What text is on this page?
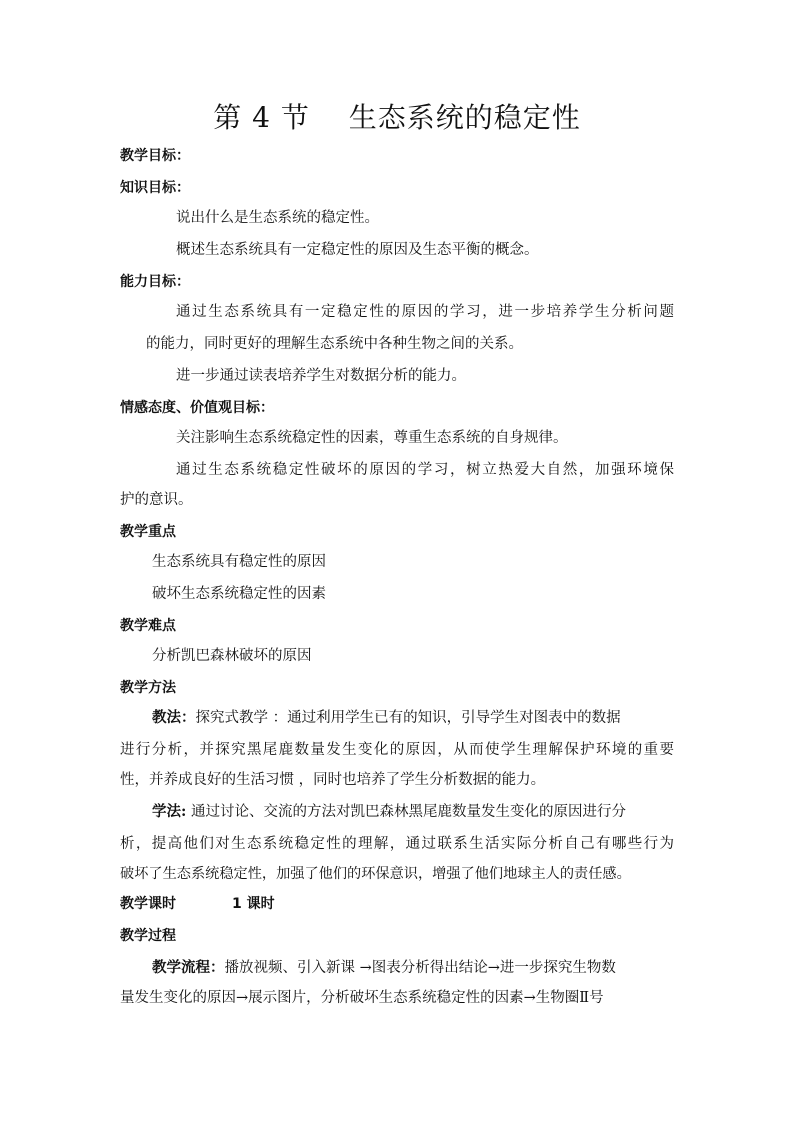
第 4 节　 生态系统的稳定性
教学目标：
知识目标：
说出什么是生态系统的稳定性。
概述生态系统具有一定稳定性的原因及生态平衡的概念。
能力目标：
通过生态系统具有一定稳定性的原因的学习，进一步培养学生分析问题
的能力，同时更好的理解生态系统中各种生物之间的关系。
进一步通过读表培养学生对数据分析的能力。
情感态度、价值观目标：
关注影响生态系统稳定性的因素，尊重生态系统的自身规律。
通过生态系统稳定性破坏的原因的学习，树立热爱大自然，加强环境保
护的意识。
教学重点
生态系统具有稳定性的原因
破坏生态系统稳定性的因素
教学难点
分析凯巴森林破坏的原因
教学方法
教法：探究式教学 ：通过利用学生已有的知识，引导学生对图表中的数据
进行分析，并探究黑尾鹿数量发生变化的原因，从而使学生理解保护环境的重要
性，并养成良好的生活习惯 ，同时也培养了学生分析数据的能力。
学法: 通过讨论、交流的方法对凯巴森林黑尾鹿数量发生变化的原因进行分
析，提高他们对生态系统稳定性的理解，通过联系生活实际分析自己有哪些行为
破坏了生态系统稳定性，加强了他们的环保意识，增强了他们地球主人的责任感。
教学课时	1 课时
教学过程
教学流程：播放视频、引入新课 →图表分析得出结论→进一步探究生物数
量发生变化的原因→展示图片，分析破坏生态系统稳定性的因素→生物圈Ⅱ号
